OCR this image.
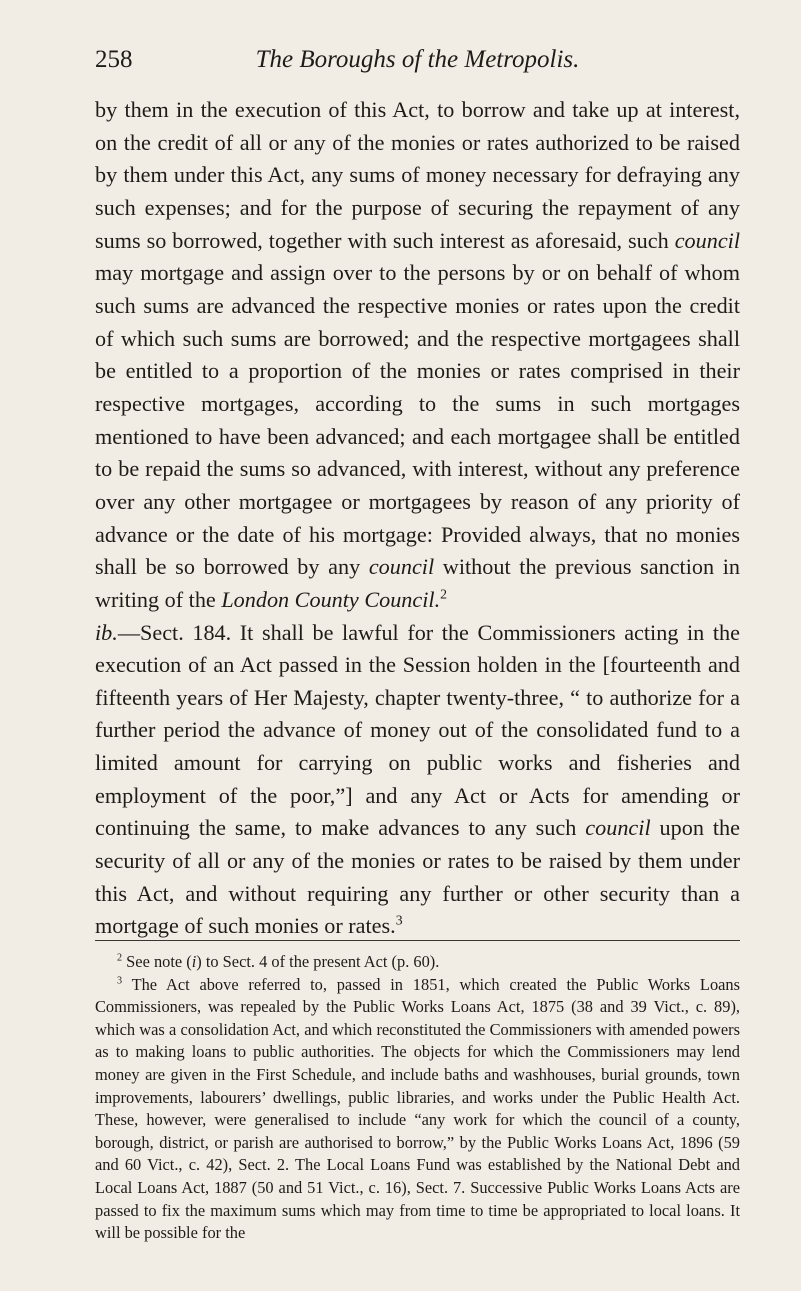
258	The Boroughs of the Metropolis.

by them in the execution of this Act, to borrow and take up at interest, on the credit of all or any of the monies or rates authorized to be raised by them under this Act, any sums of money necessary for defraying any such expenses; and for the purpose of securing the repayment of any sums so borrowed, together with such interest as aforesaid, such council may mortgage and assign over to the persons by or on behalf of whom such sums are advanced the respective monies or rates upon the credit of which such sums are borrowed; and the respective mortgagees shall be entitled to a proportion of the monies or rates comprised in their respective mortgages, according to the sums in such mortgages mentioned to have been advanced; and each mortgagee shall be entitled to be repaid the sums so advanced, with interest, without any preference over any other mortgagee or mortgagees by reason of any priority of advance or the date of his mortgage: Provided always, that no monies shall be so borrowed by any council without the previous sanction in writing of the London County Council.$^2$

ib.—Sect. 184. It shall be lawful for the Commissioners acting in the execution of an Act passed in the Session holden in the [fourteenth and fifteenth years of Her Majesty, chapter twenty-three, “ to authorize for a further period the advance of money out of the consolidated fund to a limited amount for carrying on public works and fisheries and employment of the poor,”] and any Act or Acts for amending or continuing the same, to make advances to any such council upon the security of all or any of the monies or rates to be raised by them under this Act, and without requiring any further or other security than a mortgage of such monies or rates.$^3$

$^2$ See note (i) to Sect. 4 of the present Act (p. 60).

$^3$ The Act above referred to, passed in 1851, which created the Public Works Loans Commissioners, was repealed by the Public Works Loans Act, 1875 (38 and 39 Vict., c. 89), which was a consolidation Act, and which reconstituted the Commissioners with amended powers as to making loans to public authorities. The objects for which the Commissioners may lend money are given in the First Schedule, and include baths and washhouses, burial grounds, town improvements, labourers’ dwellings, public libraries, and works under the Public Health Act. These, however, were generalised to include “any work for which the council of a county, borough, district, or parish are authorised to borrow,” by the Public Works Loans Act, 1896 (59 and 60 Vict., c. 42), Sect. 2. The Local Loans Fund was established by the National Debt and Local Loans Act, 1887 (50 and 51 Vict., c. 16), Sect. 7. Successive Public Works Loans Acts are passed to fix the maximum sums which may from time to time be appropriated to local loans. It will be possible for the
